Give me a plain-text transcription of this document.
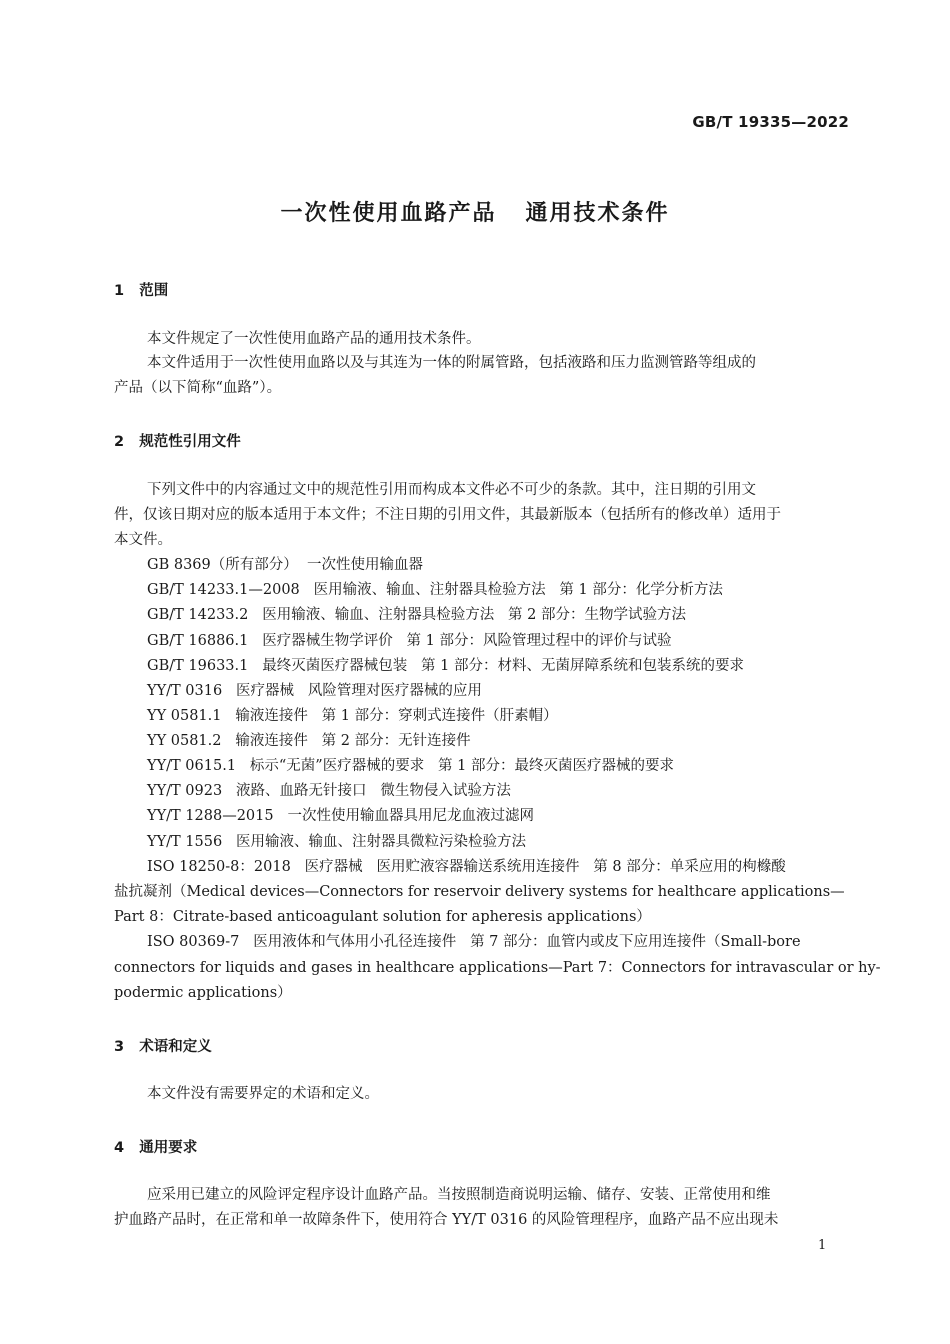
GB/T 19335—2022
一次性使用血路产品   通用技术条件
1   范围
本文件规定了一次性使用血路产品的通用技术条件。
本文件适用于一次性使用血路以及与其连为一体的附属管路，包括液路和压力监测管路等组成的
产品（以下简称“血路”）。
2   规范性引用文件
下列文件中的内容通过文中的规范性引用而构成本文件必不可少的条款。其中，注日期的引用文
件，仅该日期对应的版本适用于本文件；不注日期的引用文件，其最新版本（包括所有的修改单）适用于
本文件。
GB 8369（所有部分）  一次性使用输血器
GB/T 14233.1—2008   医用输液、输血、注射器具检验方法   第 1 部分：化学分析方法
GB/T 14233.2   医用输液、输血、注射器具检验方法   第 2 部分：生物学试验方法
GB/T 16886.1   医疗器械生物学评价   第 1 部分：风险管理过程中的评价与试验
GB/T 19633.1   最终灭菌医疗器械包装   第 1 部分：材料、无菌屏障系统和包装系统的要求
YY/T 0316   医疗器械   风险管理对医疗器械的应用
YY 0581.1   输液连接件   第 1 部分：穿刺式连接件（肝素帽）
YY 0581.2   输液连接件   第 2 部分：无针连接件
YY/T 0615.1   标示“无菌”医疗器械的要求   第 1 部分：最终灭菌医疗器械的要求
YY/T 0923   液路、血路无针接口   微生物侵入试验方法
YY/T 1288—2015   一次性使用输血器具用尼龙血液过滤网
YY/T 1556   医用输液、输血、注射器具微粒污染检验方法
ISO 18250-8：2018   医疗器械   医用贮液容器输送系统用连接件   第 8 部分：单采应用的枸橼酸
盐抗凝剂（Medical devices—Connectors for reservoir delivery systems for healthcare applications—
Part 8：Citrate-based anticoagulant solution for apheresis applications）
ISO 80369-7   医用液体和气体用小孔径连接件   第 7 部分：血管内或皮下应用连接件（Small-bore
connectors for liquids and gases in healthcare applications—Part 7：Connectors for intravascular or hy-
podermic applications）
3   术语和定义
本文件没有需要界定的术语和定义。
4   通用要求
应采用已建立的风险评定程序设计血路产品。当按照制造商说明运输、储存、安装、正常使用和维
护血路产品时，在正常和单一故障条件下，使用符合 YY/T 0316 的风险管理程序，血路产品不应出现未
1
